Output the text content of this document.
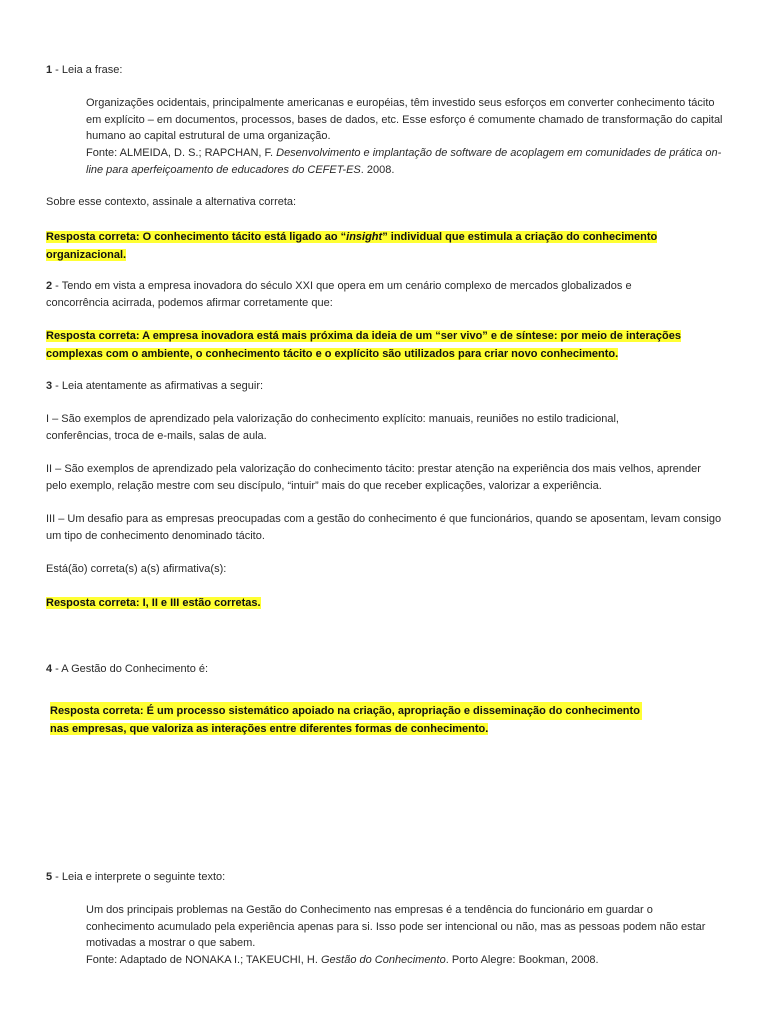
1 - Leia a frase:

Organizações ocidentais, principalmente americanas e européias, têm investido seus esforços em converter conhecimento tácito em explícito – em documentos, processos, bases de dados, etc. Esse esforço é comumente chamado de transformação do capital humano ao capital estrutural de uma organização.
Fonte: ALMEIDA, D. S.; RAPCHAN, F. Desenvolvimento e implantação de software de acoplagem em comunidades de prática on-line para aperfeiçoamento de educadores do CEFET-ES. 2008.

Sobre esse contexto, assinale a alternativa correta:

Resposta correta: O conhecimento tácito está ligado ao “insight” individual que estimula a criação do conhecimento organizacional.

2 - Tendo em vista a empresa inovadora do século XXI que opera em um cenário complexo de mercados globalizados e concorrência acirrada, podemos afirmar corretamente que:

Resposta correta: A empresa inovadora está mais próxima da ideia de um “ser vivo” e de síntese: por meio de interações complexas com o ambiente, o conhecimento tácito e o explícito são utilizados para criar novo conhecimento.

3 - Leia atentamente as afirmativas a seguir:

I – São exemplos de aprendizado pela valorização do conhecimento explícito: manuais, reuniões no estilo tradicional, conferências, troca de e-mails, salas de aula.

II – São exemplos de aprendizado pela valorização do conhecimento tácito: prestar atenção na experiência dos mais velhos, aprender pelo exemplo, relação mestre com seu discípulo, “intuir” mais do que receber explicações, valorizar a experiência.

III – Um desafio para as empresas preocupadas com a gestão do conhecimento é que funcionários, quando se aposentam, levam consigo um tipo de conhecimento denominado tácito.

Está(ão) correta(s) a(s) afirmativa(s):

Resposta correta: I, II e III estão corretas.

4 - A Gestão do Conhecimento é:

Resposta correta: É um processo sistemático apoiado na criação, apropriação e disseminação do conhecimento
nas empresas, que valoriza as interações entre diferentes formas de conhecimento.

5 - Leia e interprete o seguinte texto:

Um dos principais problemas na Gestão do Conhecimento nas empresas é a tendência do funcionário em guardar o conhecimento acumulado pela experiência apenas para si. Isso pode ser intencional ou não, mas as pessoas podem não estar motivadas a mostrar o que sabem.
Fonte: Adaptado de NONAKA I.; TAKEUCHI, H. Gestão do Conhecimento. Porto Alegre: Bookman, 2008.
